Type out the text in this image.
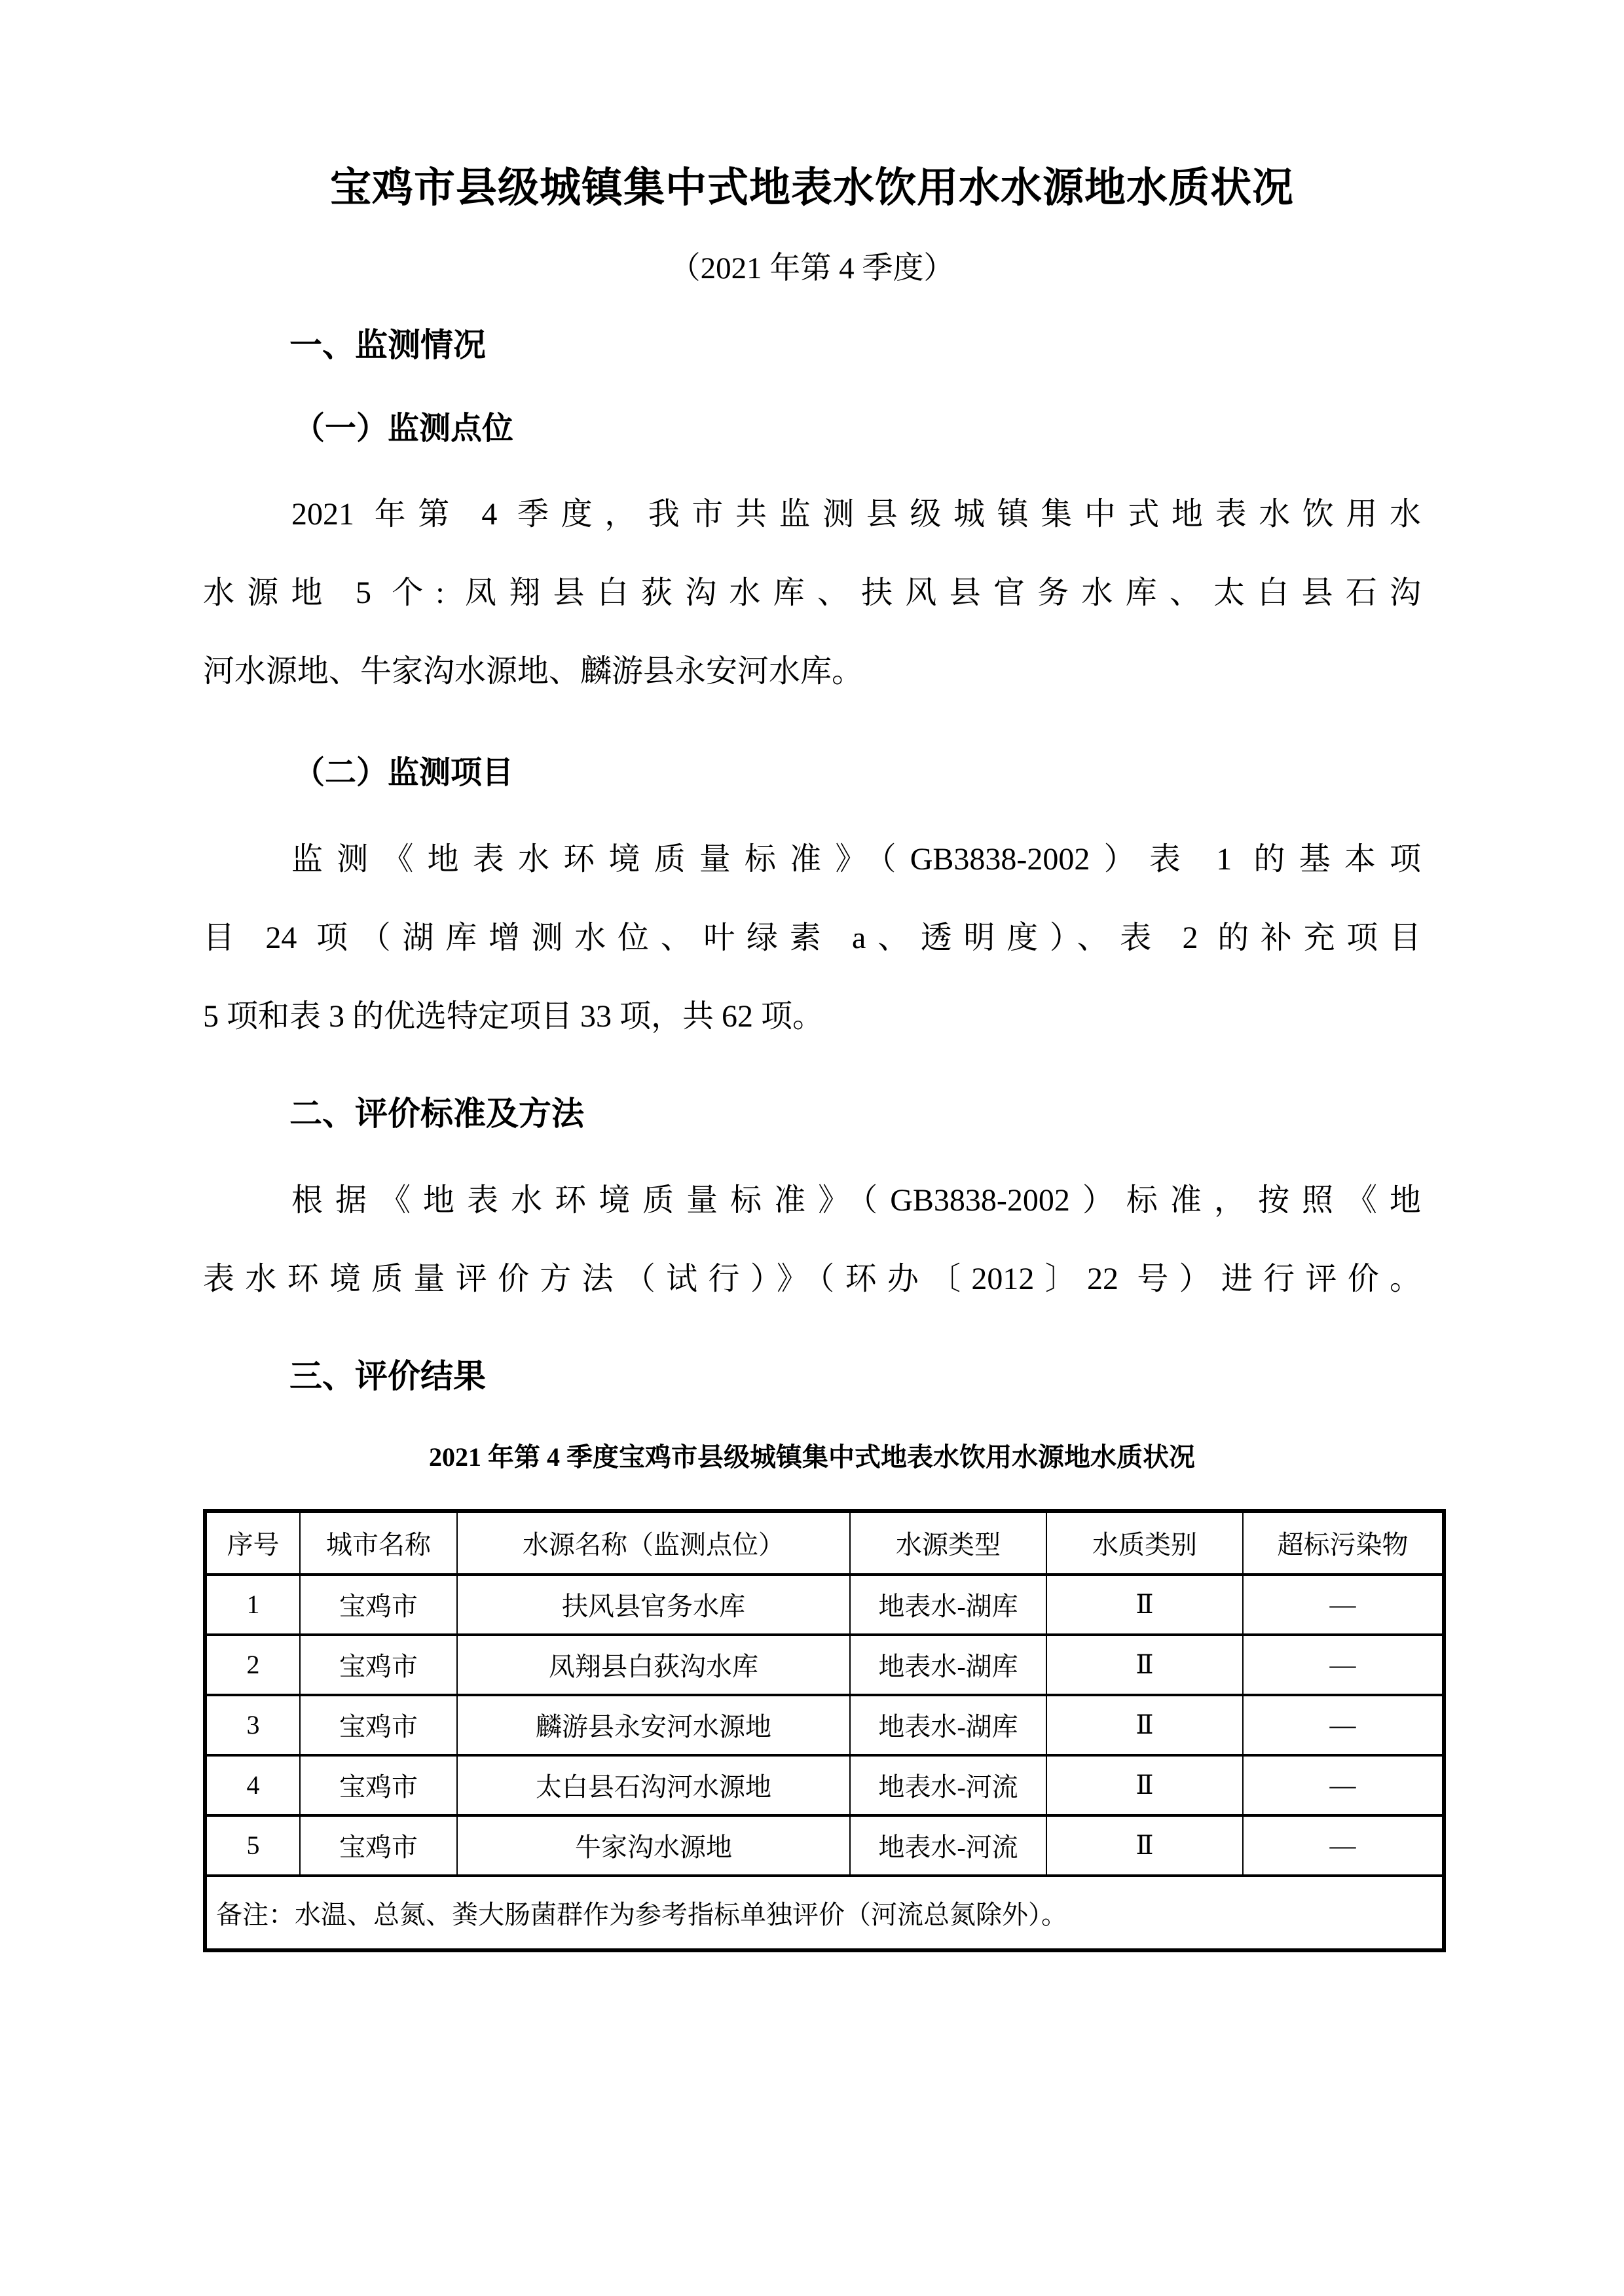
宝鸡市县级城镇集中式地表水饮用水水源地水质状况
（2021 年第 4 季度）
一、监测情况
（一）监测点位

2021 年第 4 季度，我市共监测县级城镇集中式地表水饮用水
水源地 5 个: 凤翔县白荻沟水库、扶风县官务水库、太白县石沟
河水源地、牛家沟水源地、麟游县永安河水库。

（二）监测项目

监测《地表水环境质量标准》（GB3838-2002）表 1 的基本项
目 24 项（湖库增测水位、叶绿素 a、透明度）、表 2 的补充项目
5 项和表 3 的优选特定项目 33 项，共 62 项。

二、评价标准及方法

根据《地表水环境质量标准》（GB3838-2002）标准，按照《地
表水环境质量评价方法（试行）》（环办〔2012〕22 号）进行评价。

三、评价结果
2021 年第 4 季度宝鸡市县级城镇集中式地表水饮用水源地水质状况
序号	城市名称	水源名称（监测点位）	水源类型	水质类别	超标污染物
1	宝鸡市	扶风县官务水库	地表水-湖库	Ⅱ	—
2	宝鸡市	凤翔县白荻沟水库	地表水-湖库	Ⅱ	—
3	宝鸡市	麟游县永安河水源地	地表水-湖库	Ⅱ	—
4	宝鸡市	太白县石沟河水源地	地表水-河流	Ⅱ	—
5	宝鸡市	牛家沟水源地	地表水-河流	Ⅱ	—
备注：水温、总氮、粪大肠菌群作为参考指标单独评价（河流总氮除外）。					
